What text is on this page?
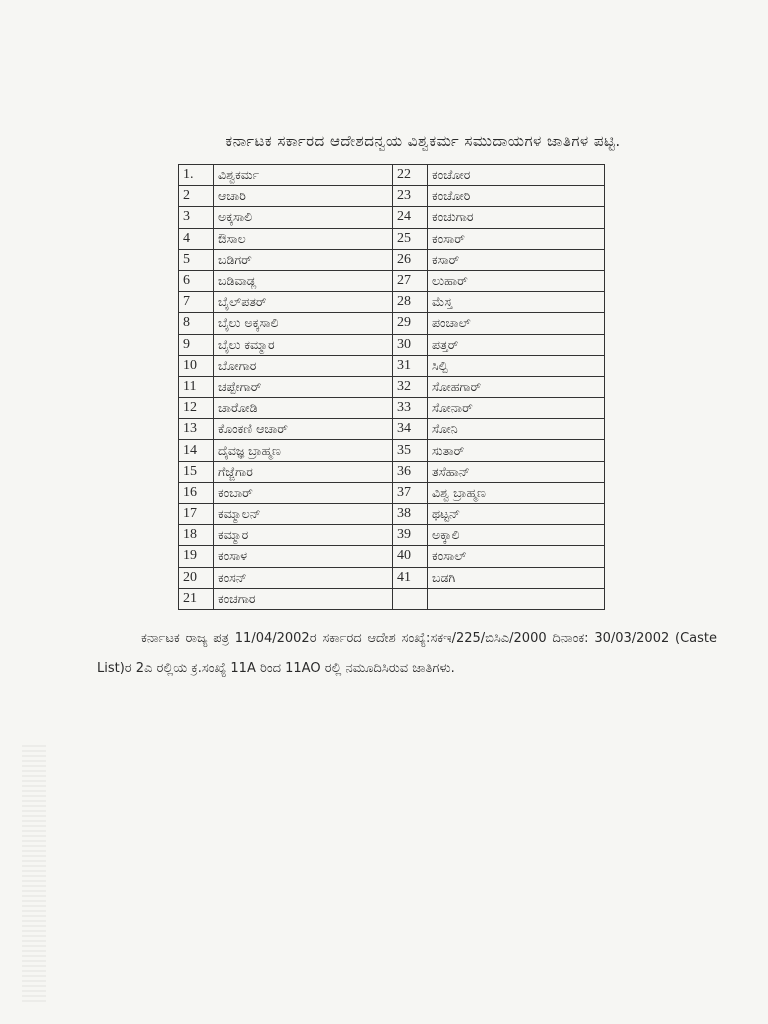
ಕರ್ನಾಟಕ ಸರ್ಕಾರದ ಆದೇಶದನ್ವಯ ವಿಶ್ವಕರ್ಮ ಸಮುದಾಯಗಳ ಜಾತಿಗಳ ಪಟ್ಟಿ.
1.	ವಿಶ್ವಕರ್ಮ	22	ಕಂಚೋರ
2	ಆಚಾರಿ	23	ಕಂಚೋರಿ
3	ಅಕ್ಕಸಾಲಿ	24	ಕಂಚುಗಾರ
4	ಔಸಾಲ	25	ಕಂಸಾರ್
5	ಬಡಿಗರ್	26	ಕಸಾರ್
6	ಬಡಿವಾಡ್ಲ	27	ಲುಹಾರ್
7	ಬೈಲ್‌ಪತರ್	28	ಮೆಸ್ತ
8	ಬೈಲು ಅಕ್ಕಸಾಲಿ	29	ಪಂಚಾಲ್
9	ಬೈಲು ಕಮ್ಮಾರ	30	ಪತ್ತರ್
10	ಬೋಗಾರ	31	ಸಿಲ್ಪಿ
11	ಚಪ್ಪೇಗಾರ್	32	ಸೋಹಗಾರ್
12	ಚಾರೋಡಿ	33	ಸೋನಾರ್
13	ಕೊಂಕಣಿ ಆಚಾರ್	34	ಸೋನಿ
14	ದೈವಜ್ಞ ಬ್ರಾಹ್ಮಣ	35	ಸುತಾರ್
15	ಗೆಜ್ಜೆಗಾರ	36	ತಸೆಹಾನ್
16	ಕಂಬಾರ್	37	ವಿಶ್ವ ಬ್ರಾಹ್ಮಣ
17	ಕಮ್ಮಾಲನ್	38	ಥಟ್ಟನ್
18	ಕಮ್ಮಾರ	39	ಅಕ್ಕಾಲಿ
19	ಕಂಸಾಳ	40	ಕಂಸಾಲ್
20	ಕಂಸನ್	41	ಬಡಗಿ
21	ಕಂಚಗಾರ		
ಕರ್ನಾಟಕ ರಾಜ್ಯ ಪತ್ರ 11/04/2002ರ ಸರ್ಕಾರದ ಆದೇಶ ಸಂಖ್ಯೆ:ಸಕಇ/225/ಬಿಸಿಎ/2000 ದಿನಾಂಕ: 30/03/2002 (Caste List)ರ 2ಎ ರಲ್ಲಿಯ ಕ್ರ.ಸಂಖ್ಯೆ 11A ರಿಂದ 11AO ರಲ್ಲಿ ನಮೂದಿಸಿರುವ ಜಾತಿಗಳು.
